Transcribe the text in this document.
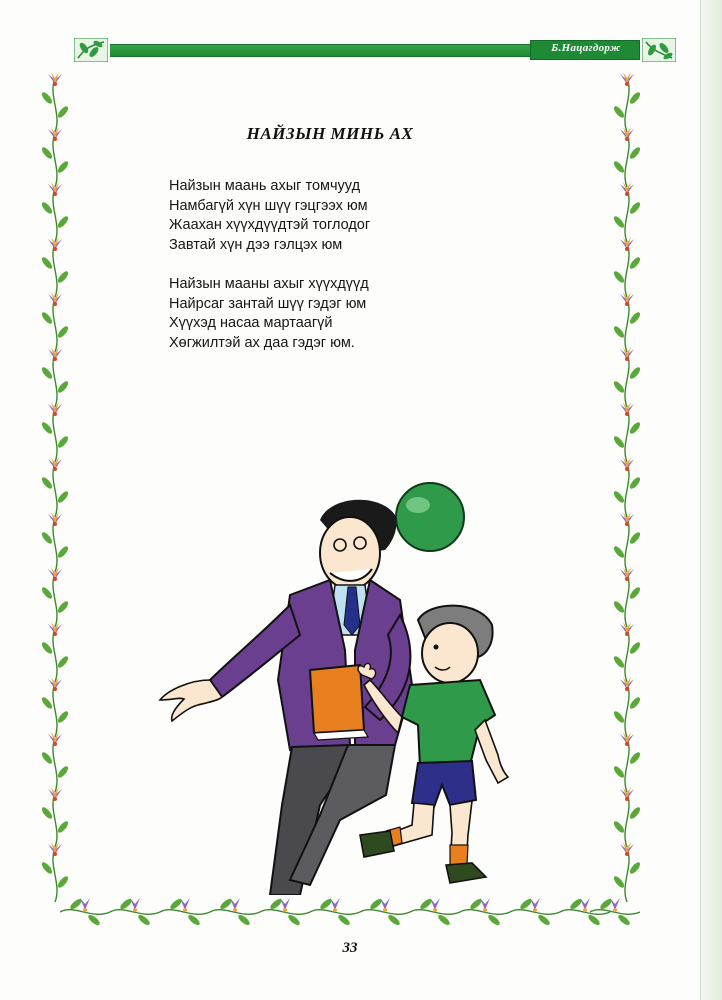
Б.Нацагдорж
НАЙЗЫН МИНЬ АХ
Найзын маань ахыг томчууд
Намбагүй хүн шүү гэцгээх юм
Жаахан хүүхдүүдтэй тоглодог
Завтай хүн дээ гэлцэх юм
Найзын мааны ахыг хүүхдүүд
Найрсаг зантай шүү гэдэг юм
Хүүхэд насаа мартаагүй
Хөгжилтэй ах даа гэдэг юм.
33
